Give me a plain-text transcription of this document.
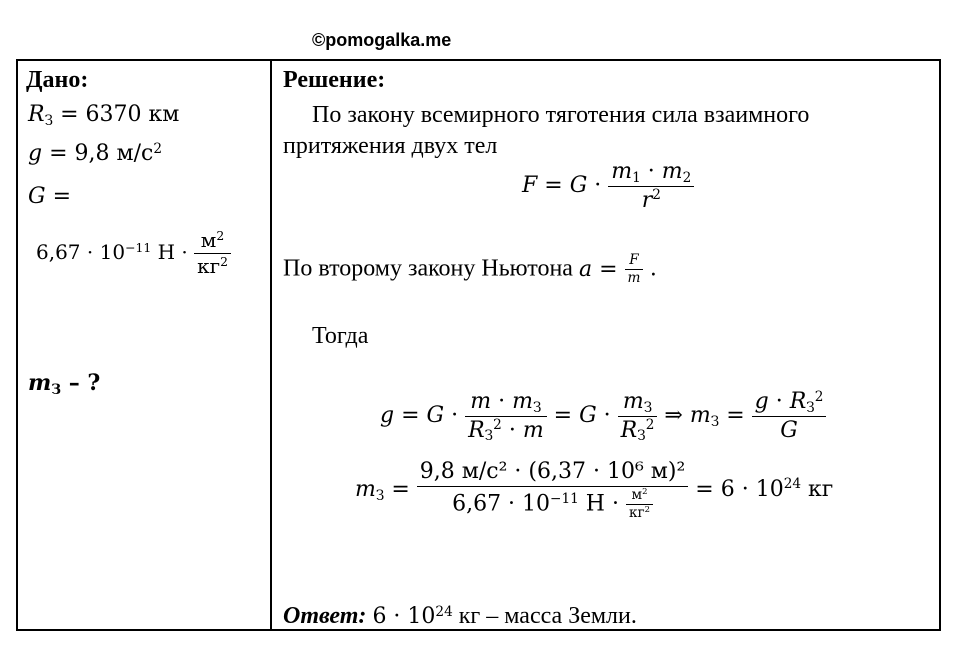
©pomogalka.me
Дано:
$R_З = 6370$ км
g = 9,8 $м/с^2$
G =
$6,67 \cdot 10^{-11}$ $Н \cdot \frac{м^2}{кг^2}$
$m_З$ – ?
Решение:
По закону всемирного тяготения сила взаимного
притяжения двух тел
$F = G \cdot \frac{m_1 \cdot m_2}{r^2}$
По второму закону Ньютона $a = \frac{F}{m}$ .
Тогда
$g = G \cdot \frac{m \cdot m_З}{R_З^2 \cdot m} = G \cdot \frac{m_З}{R_З^2}$ ⇒ $m_З = \frac{g \cdot R_З^2}{G}$
$m_З = \frac{\text{9,8 м/с² · (6,37 · 10⁶ м)²}}{6,67 \cdot 10^{-11} Н \cdot \frac{м^2}{кг^2}} = 6 \cdot 10^{24}$ кг
Ответ: $6 \cdot 10^{24}$ кг – масса Земли.
